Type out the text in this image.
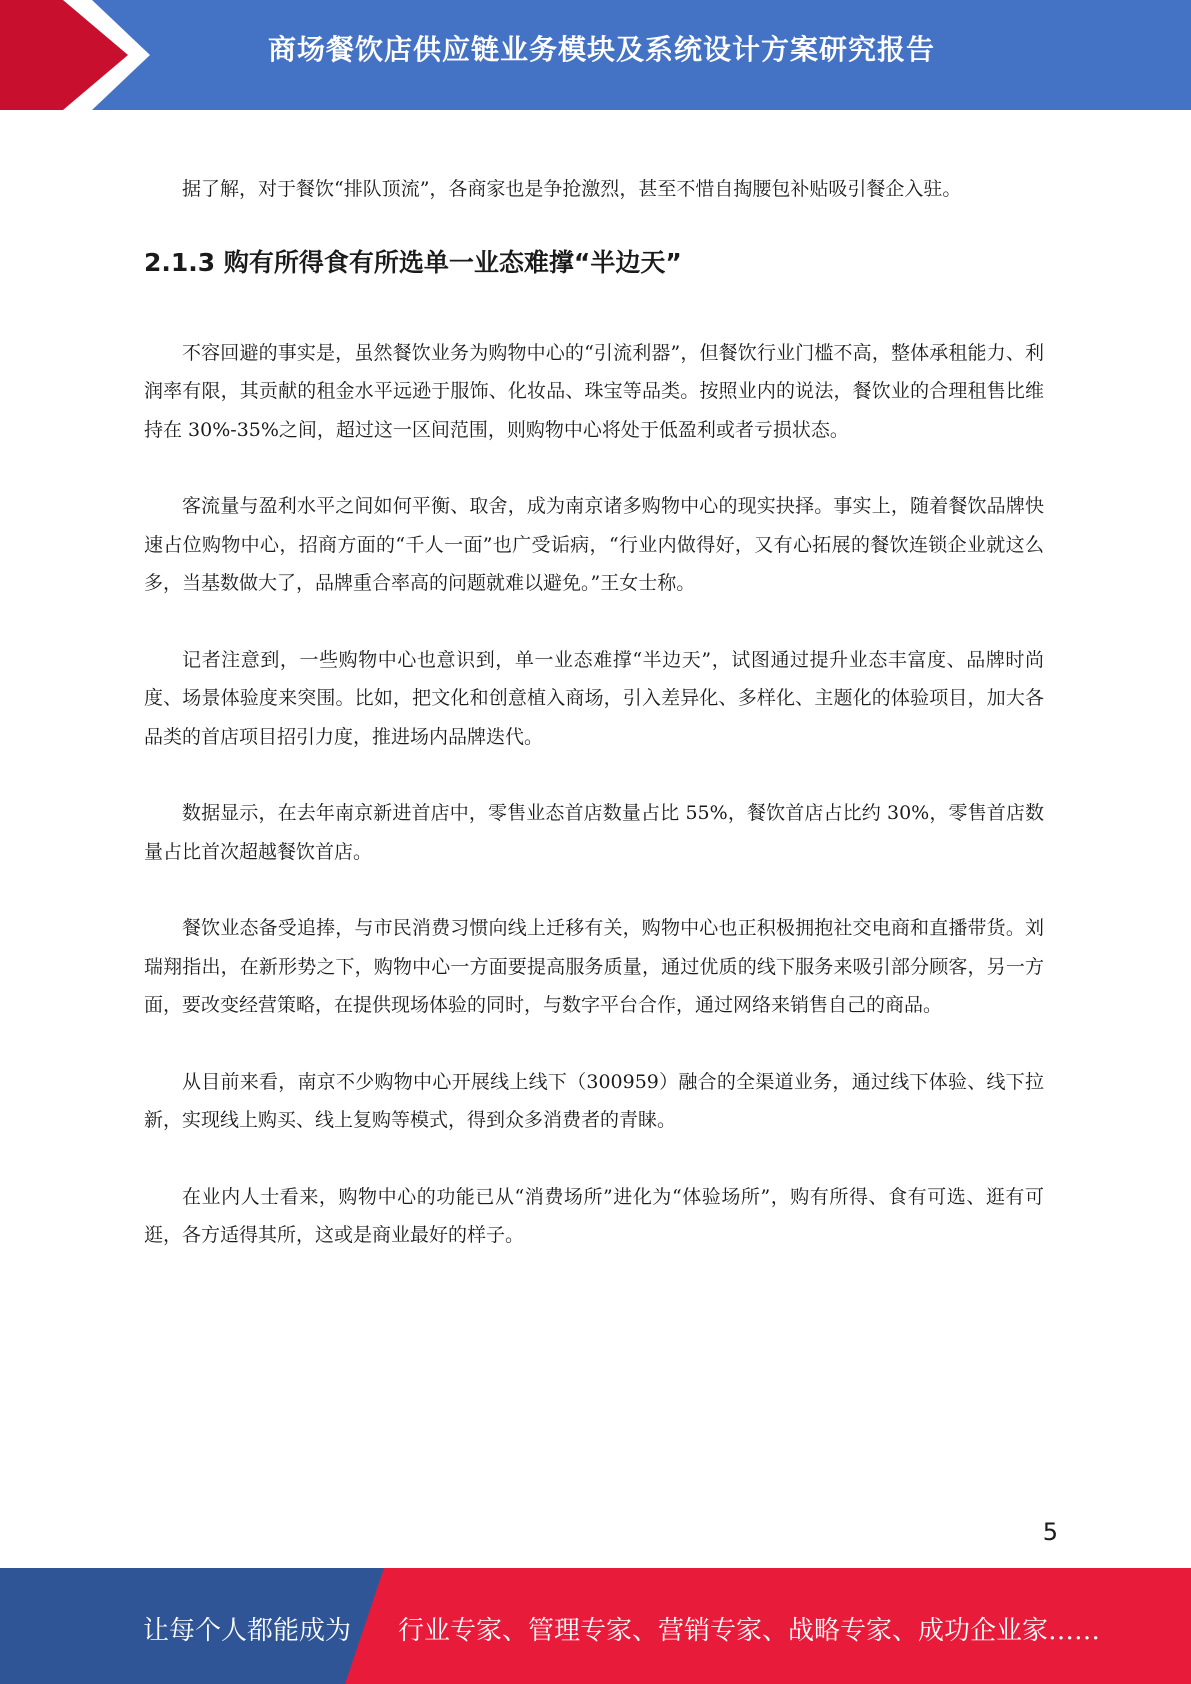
商场餐饮店供应链业务模块及系统设计方案研究报告

据了解，对于餐饮“排队顶流”，各商家也是争抢激烈，甚至不惜自掏腰包补贴吸引餐企入驻。

2.1.3 购有所得食有所选单一业态难撑“半边天”

不容回避的事实是，虽然餐饮业务为购物中心的“引流利器”，但餐饮行业门槛不高，整体承租能力、利润率有限，其贡献的租金水平远逊于服饰、化妆品、珠宝等品类。按照业内的说法，餐饮业的合理租售比维持在 30%-35%之间，超过这一区间范围，则购物中心将处于低盈利或者亏损状态。

客流量与盈利水平之间如何平衡、取舍，成为南京诸多购物中心的现实抉择。事实上，随着餐饮品牌快速占位购物中心，招商方面的“千人一面”也广受诟病，“行业内做得好，又有心拓展的餐饮连锁企业就这么多，当基数做大了，品牌重合率高的问题就难以避免。”王女士称。

记者注意到，一些购物中心也意识到，单一业态难撑“半边天”，试图通过提升业态丰富度、品牌时尚度、场景体验度来突围。比如，把文化和创意植入商场，引入差异化、多样化、主题化的体验项目，加大各品类的首店项目招引力度，推进场内品牌迭代。

数据显示，在去年南京新进首店中，零售业态首店数量占比 55%，餐饮首店占比约 30%，零售首店数量占比首次超越餐饮首店。

餐饮业态备受追捧，与市民消费习惯向线上迁移有关，购物中心也正积极拥抱社交电商和直播带货。刘瑞翔指出，在新形势之下，购物中心一方面要提高服务质量，通过优质的线下服务来吸引部分顾客，另一方面，要改变经营策略，在提供现场体验的同时，与数字平台合作，通过网络来销售自己的商品。

从目前来看，南京不少购物中心开展线上线下（300959）融合的全渠道业务，通过线下体验、线下拉新，实现线上购买、线上复购等模式，得到众多消费者的青睐。

在业内人士看来，购物中心的功能已从“消费场所”进化为“体验场所”，购有所得、食有可选、逛有可逛，各方适得其所，这或是商业最好的样子。

5
让每个人都能成为 行业专家、管理专家、营销专家、战略专家、成功企业家……
